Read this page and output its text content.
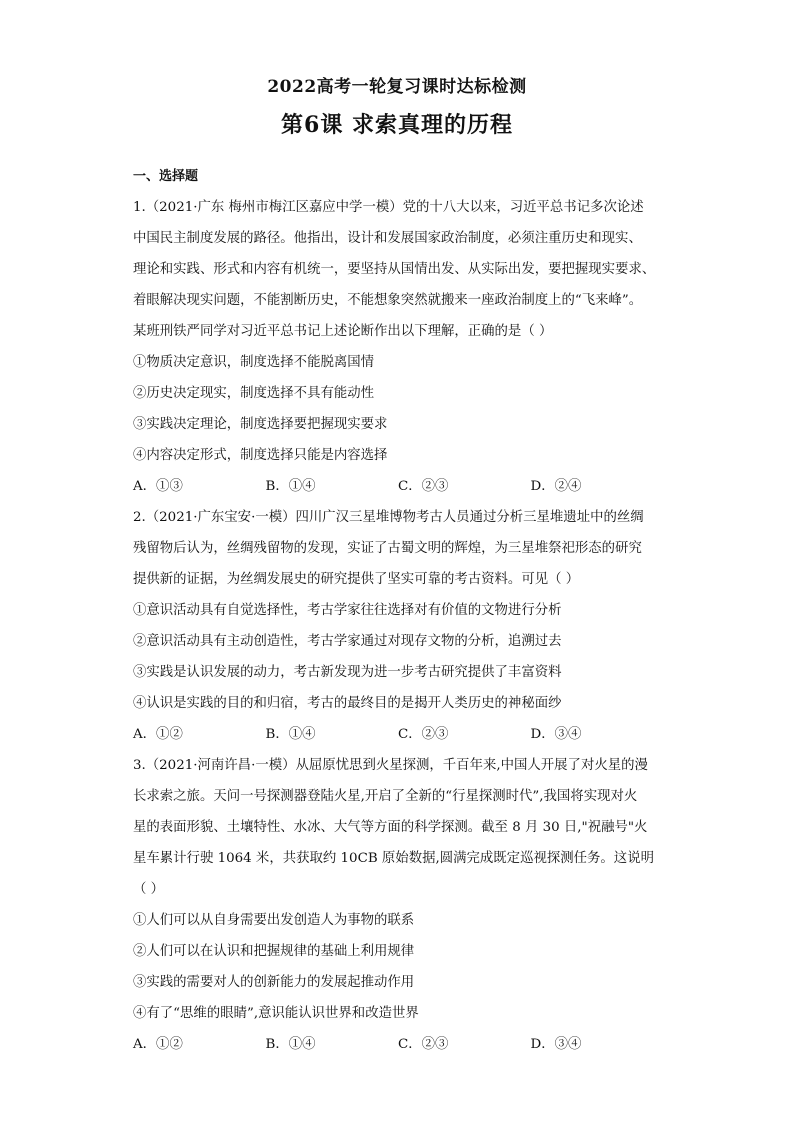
2022高考一轮复习课时达标检测
第6课 求索真理的历程
一、选择题
1.（2021·广东 梅州市梅江区嘉应中学一模）党的十八大以来，习近平总书记多次论述
中国民主制度发展的路径。他指出，设计和发展国家政治制度，必须注重历史和现实、
理论和实践、形式和内容有机统一，要坚持从国情出发、从实际出发，要把握现实要求、
着眼解决现实问题，不能割断历史，不能想象突然就搬来一座政治制度上的“飞来峰”。
某班刑铁严同学对习近平总书记上述论断作出以下理解，正确的是（ ）
①物质决定意识，制度选择不能脱离国情
②历史决定现实，制度选择不具有能动性
③实践决定理论，制度选择要把握现实要求
④内容决定形式，制度选择只能是内容选择
A．①③	B．①④	C．②③	D．②④
2.（2021·广东宝安·一模）四川广汉三星堆博物考古人员通过分析三星堆遗址中的丝绸
残留物后认为，丝绸残留物的发现，实证了古蜀文明的辉煌，为三星堆祭祀形态的研究
提供新的证据，为丝绸发展史的研究提供了坚实可靠的考古资料。可见（ ）
①意识活动具有自觉选择性，考古学家往往选择对有价值的文物进行分析
②意识活动具有主动创造性，考古学家通过对现存文物的分析，追溯过去
③实践是认识发展的动力，考古新发现为进一步考古研究提供了丰富资料
④认识是实践的目的和归宿，考古的最终目的是揭开人类历史的神秘面纱
A．①②	B．①④	C．②③	D．③④
3.（2021·河南许昌·一模）从屈原忧思到火星探测，千百年来,中国人开展了对火星的漫
长求索之旅。天问一号探测器登陆火星,开启了全新的“行星探测时代”,我国将实现对火
星的表面形貌、土壤特性、水冰、大气等方面的科学探测。截至 8 月 30 日,"祝融号"火
星车累计行驶 1064 米，共获取约 10CB 原始数据,圆满完成既定巡视探测任务。这说明
（ ）
①人们可以从自身需要出发创造人为事物的联系
②人们可以在认识和把握规律的基础上利用规律
③实践的需要对人的创新能力的发展起推动作用
④有了“思维的眼睛”,意识能认识世界和改造世界
A．①②	B．①④	C．②③	D．③④
